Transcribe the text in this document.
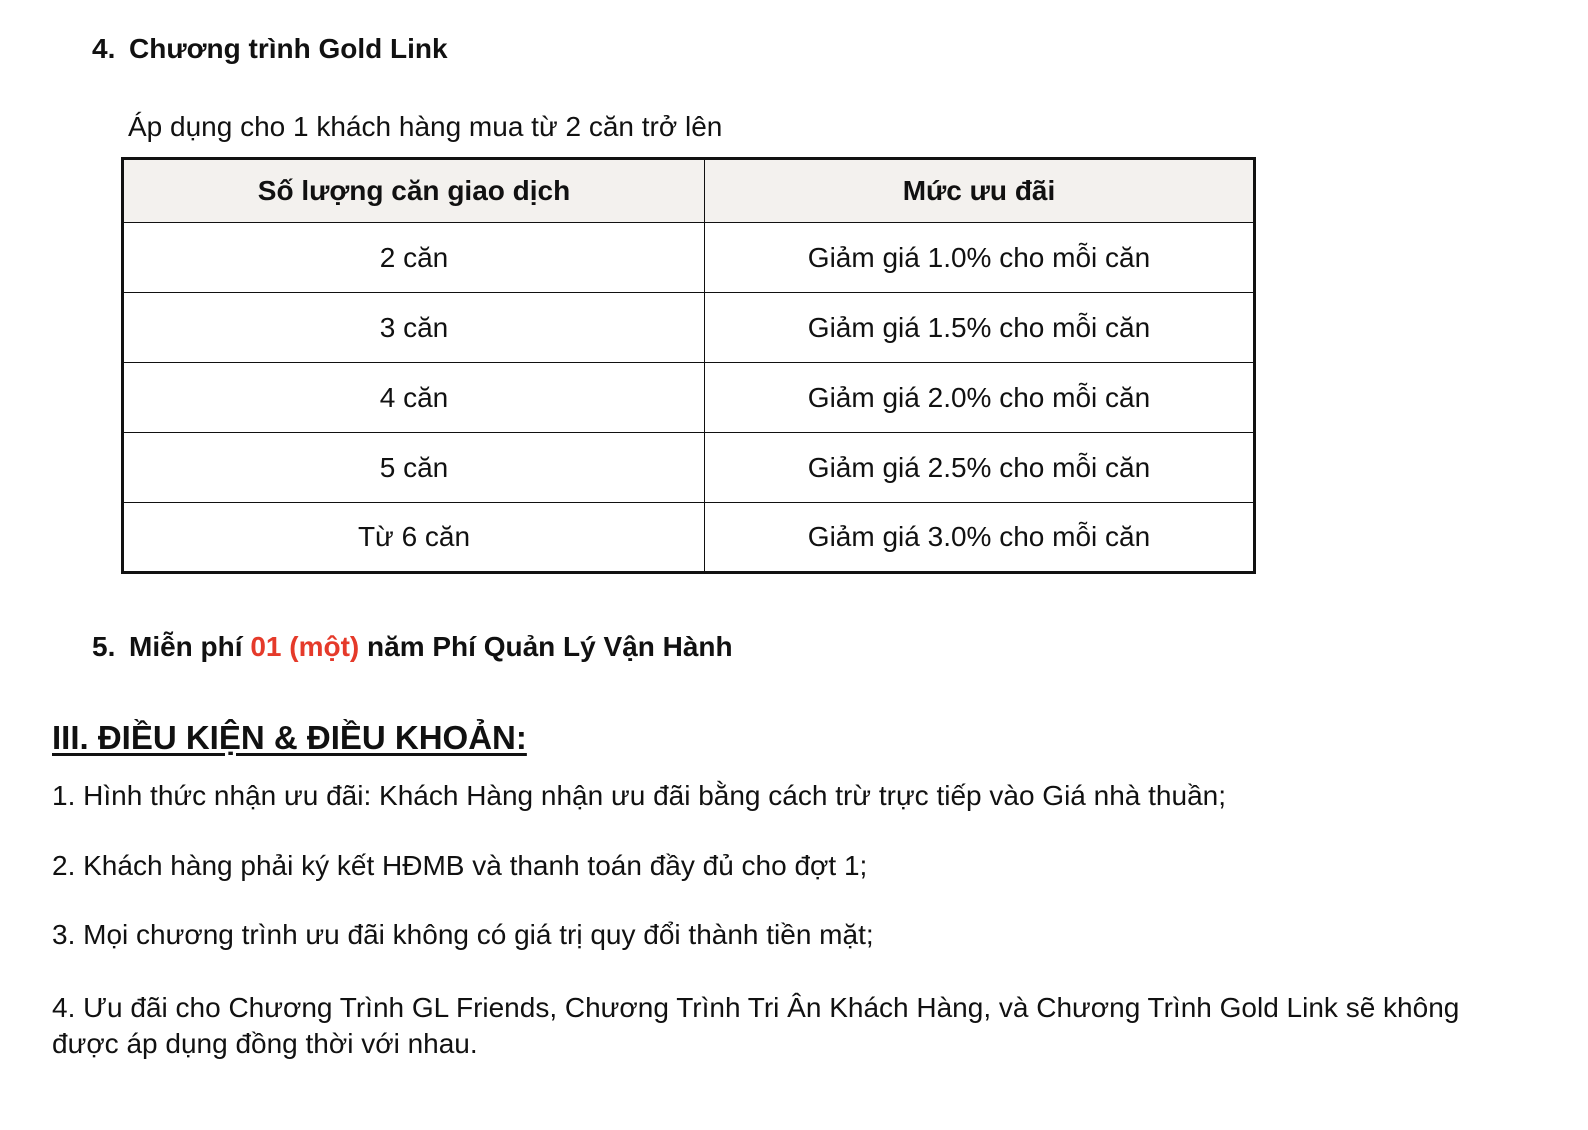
4. Chương trình Gold Link

Áp dụng cho 1 khách hàng mua từ 2 căn trở lên

Số lượng căn giao dịch	Mức ưu đãi
2 căn	Giảm giá 1.0% cho mỗi căn
3 căn	Giảm giá 1.5% cho mỗi căn
4 căn	Giảm giá 2.0% cho mỗi căn
5 căn	Giảm giá 2.5% cho mỗi căn
Từ 6 căn	Giảm giá 3.0% cho mỗi căn
5. Miễn phí 01 (một) năm Phí Quản Lý Vận Hành
III. ĐIỀU KIỆN & ĐIỀU KHOẢN:

1. Hình thức nhận ưu đãi: Khách Hàng nhận ưu đãi bằng cách trừ trực tiếp vào Giá nhà thuần;

2. Khách hàng phải ký kết HĐMB và thanh toán đầy đủ cho đợt 1;

3. Mọi chương trình ưu đãi không có giá trị quy đổi thành tiền mặt;

4. Ưu đãi cho Chương Trình GL Friends, Chương Trình Tri Ân Khách Hàng, và Chương Trình Gold Link sẽ không được áp dụng đồng thời với nhau.
